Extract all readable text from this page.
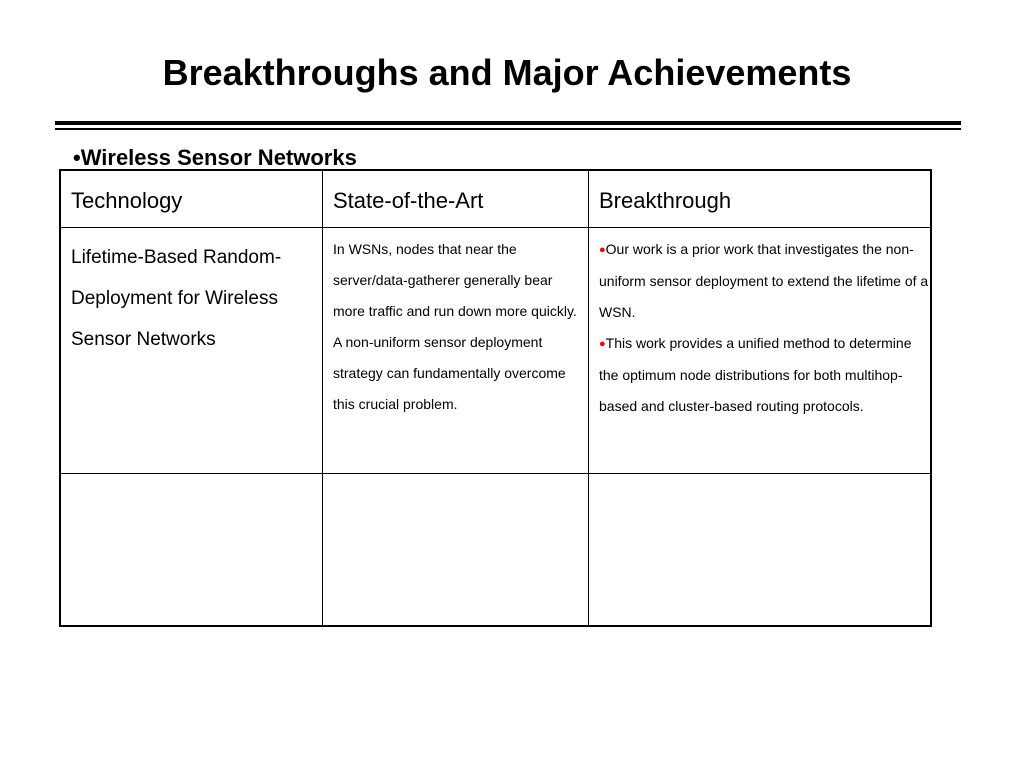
Breakthroughs and Major Achievements
•Wireless Sensor Networks
Technology	State-of-the-Art	Breakthrough
Lifetime-Based Random-Deployment for Wireless Sensor Networks
In WSNs, nodes that near the server/data-gatherer generally bear more traffic and run down more quickly. A non-uniform sensor deployment strategy can fundamentally overcome this crucial problem.
●Our work is a prior work that investigates the non-uniform sensor deployment to extend the lifetime of a WSN.
●This work provides a unified method to determine the optimum node distributions for both multihop-based and cluster-based routing protocols.
